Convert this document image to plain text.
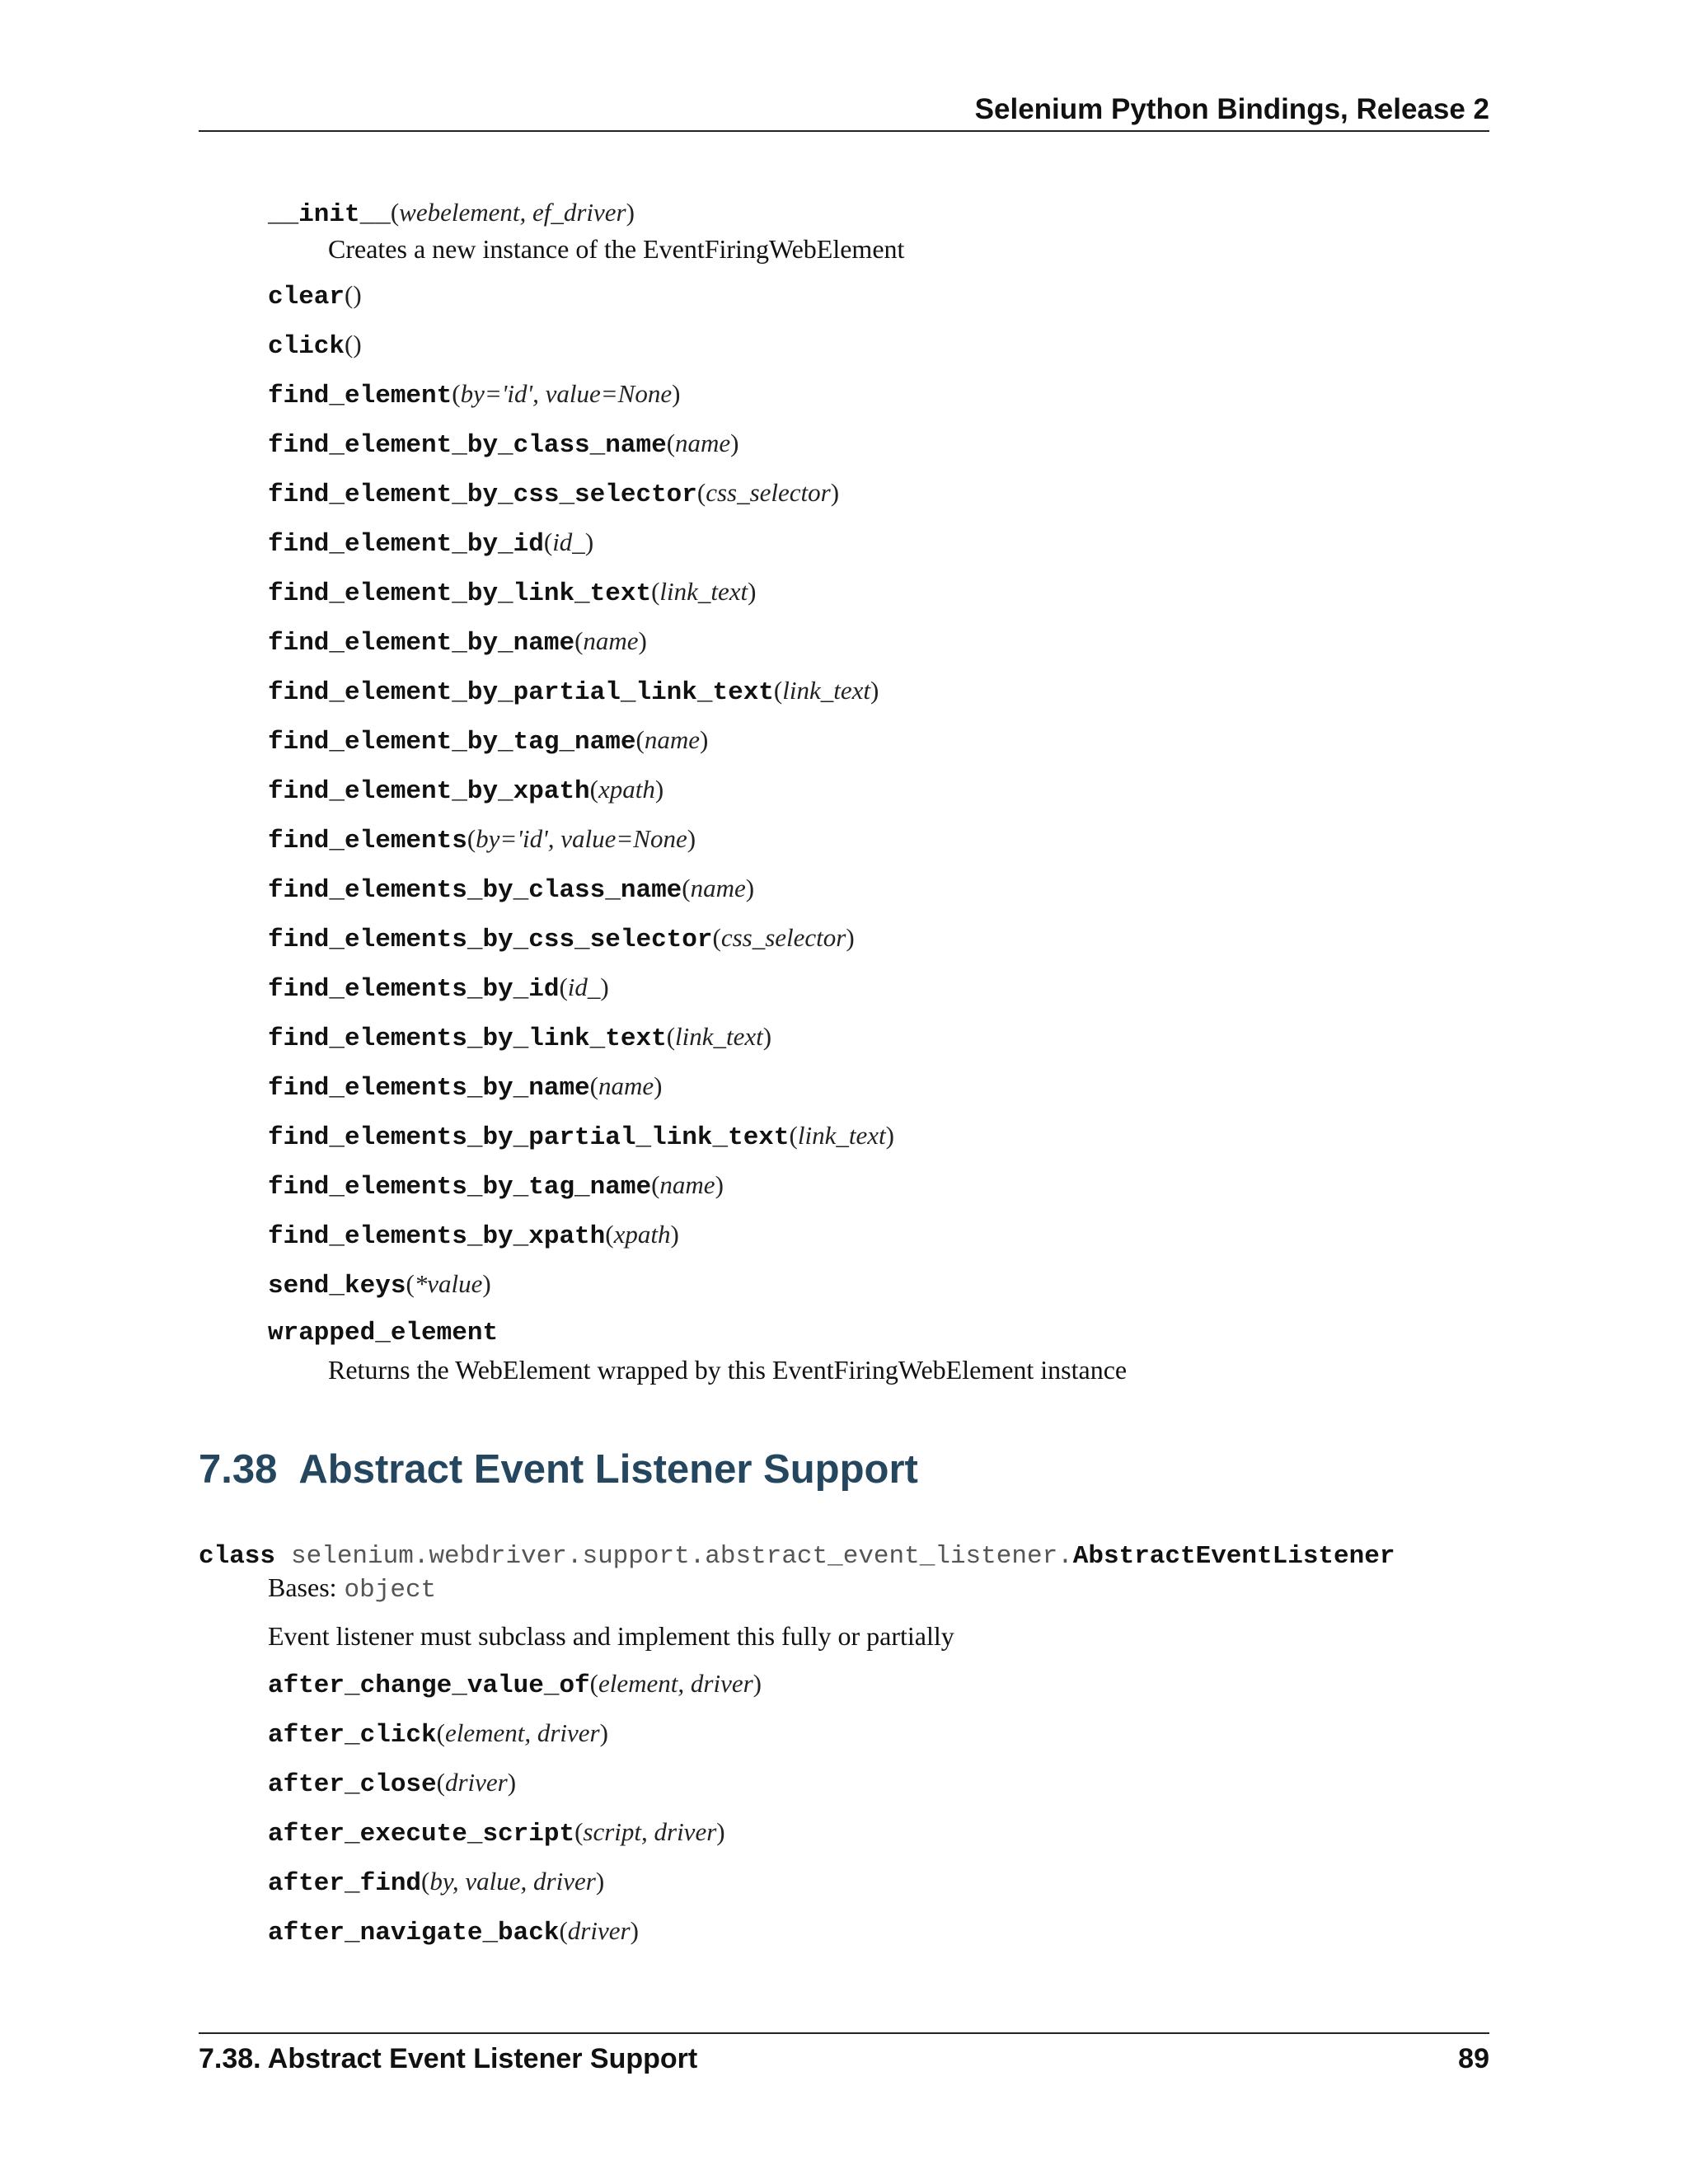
Selenium Python Bindings, Release 2
__init__ ( webelement, ef_driver )
Creates a new instance of the EventFiringWebElement
clear ( )
click ( )
find_element ( by='id', value=None )
find_element_by_class_name ( name )
find_element_by_css_selector ( css_selector )
find_element_by_id ( id_ )
find_element_by_link_text ( link_text )
find_element_by_name ( name )
find_element_by_partial_link_text ( link_text )
find_element_by_tag_name ( name )
find_element_by_xpath ( xpath )
find_elements ( by='id', value=None )
find_elements_by_class_name ( name )
find_elements_by_css_selector ( css_selector )
find_elements_by_id ( id_ )
find_elements_by_link_text ( link_text )
find_elements_by_name ( name )
find_elements_by_partial_link_text ( link_text )
find_elements_by_tag_name ( name )
find_elements_by_xpath ( xpath )
send_keys ( *value )
wrapped_element
Returns the WebElement wrapped by this EventFiringWebElement instance
7.38 Abstract Event Listener Support
class selenium.webdriver.support.abstract_event_listener. AbstractEventListener
Bases: object
Event listener must subclass and implement this fully or partially
after_change_value_of ( element, driver )
after_click ( element, driver )
after_close ( driver )
after_execute_script ( script, driver )
after_find ( by, value, driver )
after_navigate_back ( driver )
7.38. Abstract Event Listener Support	89
